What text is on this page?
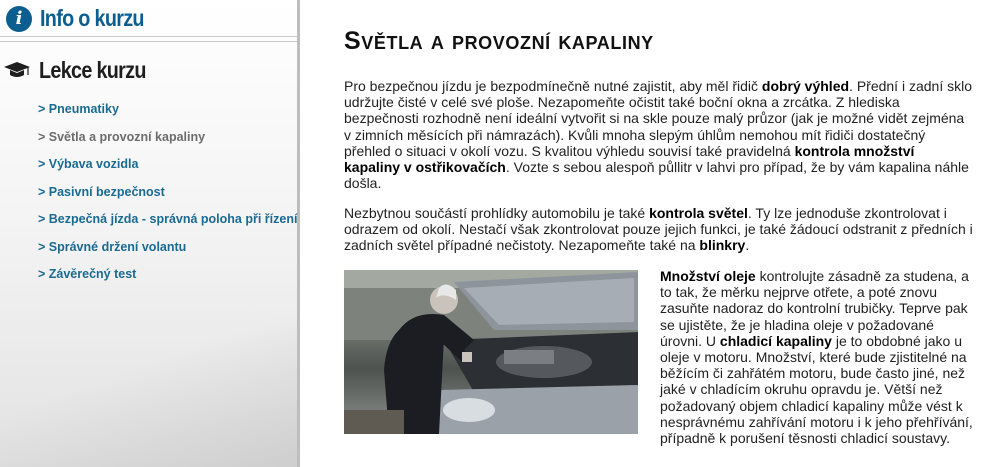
i Info o kurzu
Lekce kurzu
> Pneumatiky
> Světla a provozní kapaliny
> Výbava vozidla
> Pasivní bezpečnost
> Bezpečná jízda - správná poloha při řízení
> Správné držení volantu
> Závěrečný test
Světla a provozní kapaliny

Pro bezpečnou jízdu je bezpodmínečně nutné zajistit, aby měl řidič dobrý výhled. Přední i zadní sklo udržujte čisté v celé své ploše. Nezapomeňte očistit také boční okna a zrcátka. Z hlediska bezpečnosti rozhodně není ideální vytvořit si na skle pouze malý průzor (jak je možné vidět zejména v zimních měsících při námrazách). Kvůli mnoha slepým úhlům nemohou mít řidiči dostatečný přehled o situaci v okolí vozu. S kvalitou výhledu souvisí také pravidelná kontrola množství kapaliny v ostřikovačích. Vozte s sebou alespoň půllitr v lahvi pro případ, že by vám kapalina náhle došla.

Nezbytnou součástí prohlídky automobilu je také kontrola světel. Ty lze jednoduše zkontrolovat i odrazem od okolí. Nestačí však zkontrolovat pouze jejich funkci, je také žádoucí odstranit z předních i zadních světel případné nečistoty. Nezapomeňte také na blinkry.

Množství oleje kontrolujte zásadně za studena, a to tak, že měrku nejprve otřete, a poté znovu zasuňte nadoraz do kontrolní trubičky. Teprve pak se ujistěte, že je hladina oleje v požadované úrovni. U chladicí kapaliny je to obdobné jako u oleje v motoru. Množství, které bude zjistitelné na běžícím či zahřátém motoru, bude často jiné, než jaké v chladícím okruhu opravdu je. Větší než požadovaný objem chladicí kapaliny může vést k nesprávnému zahřívání motoru i k jeho přehřívání, případně k porušení těsnosti chladicí soustavy.
